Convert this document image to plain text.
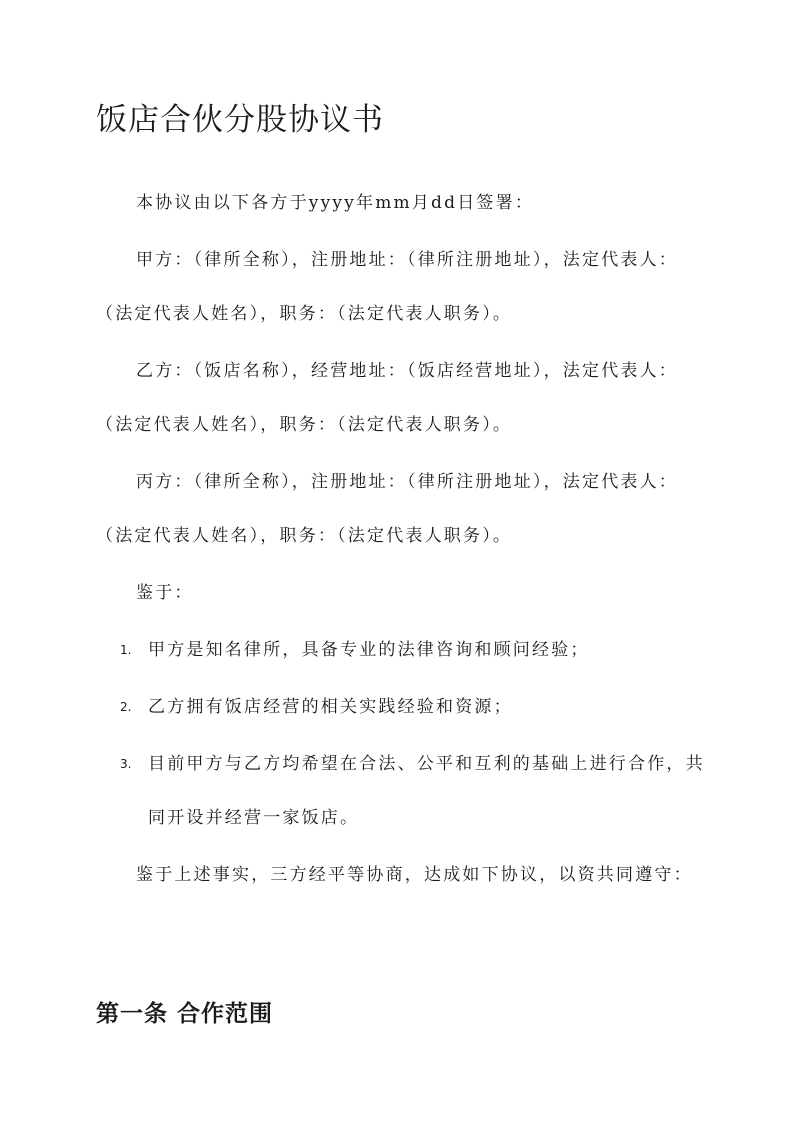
饭店合伙分股协议书

本协议由以下各方于yyyy年mm月dd日签署：

甲方：（律所全称），注册地址：（律所注册地址），法定代表人：（法定代表人姓名），职务：（法定代表人职务）。

乙方：（饭店名称），经营地址：（饭店经营地址），法定代表人：（法定代表人姓名），职务：（法定代表人职务）。

丙方：（律所全称），注册地址：（律所注册地址），法定代表人：（法定代表人姓名），职务：（法定代表人职务）。

鉴于：

1. 甲方是知名律所，具备专业的法律咨询和顾问经验；
2. 乙方拥有饭店经营的相关实践经验和资源；
3. 目前甲方与乙方均希望在合法、公平和互利的基础上进行合作，共同开设并经营一家饭店。

鉴于上述事实，三方经平等协商，达成如下协议，以资共同遵守：

第一条 合作范围
